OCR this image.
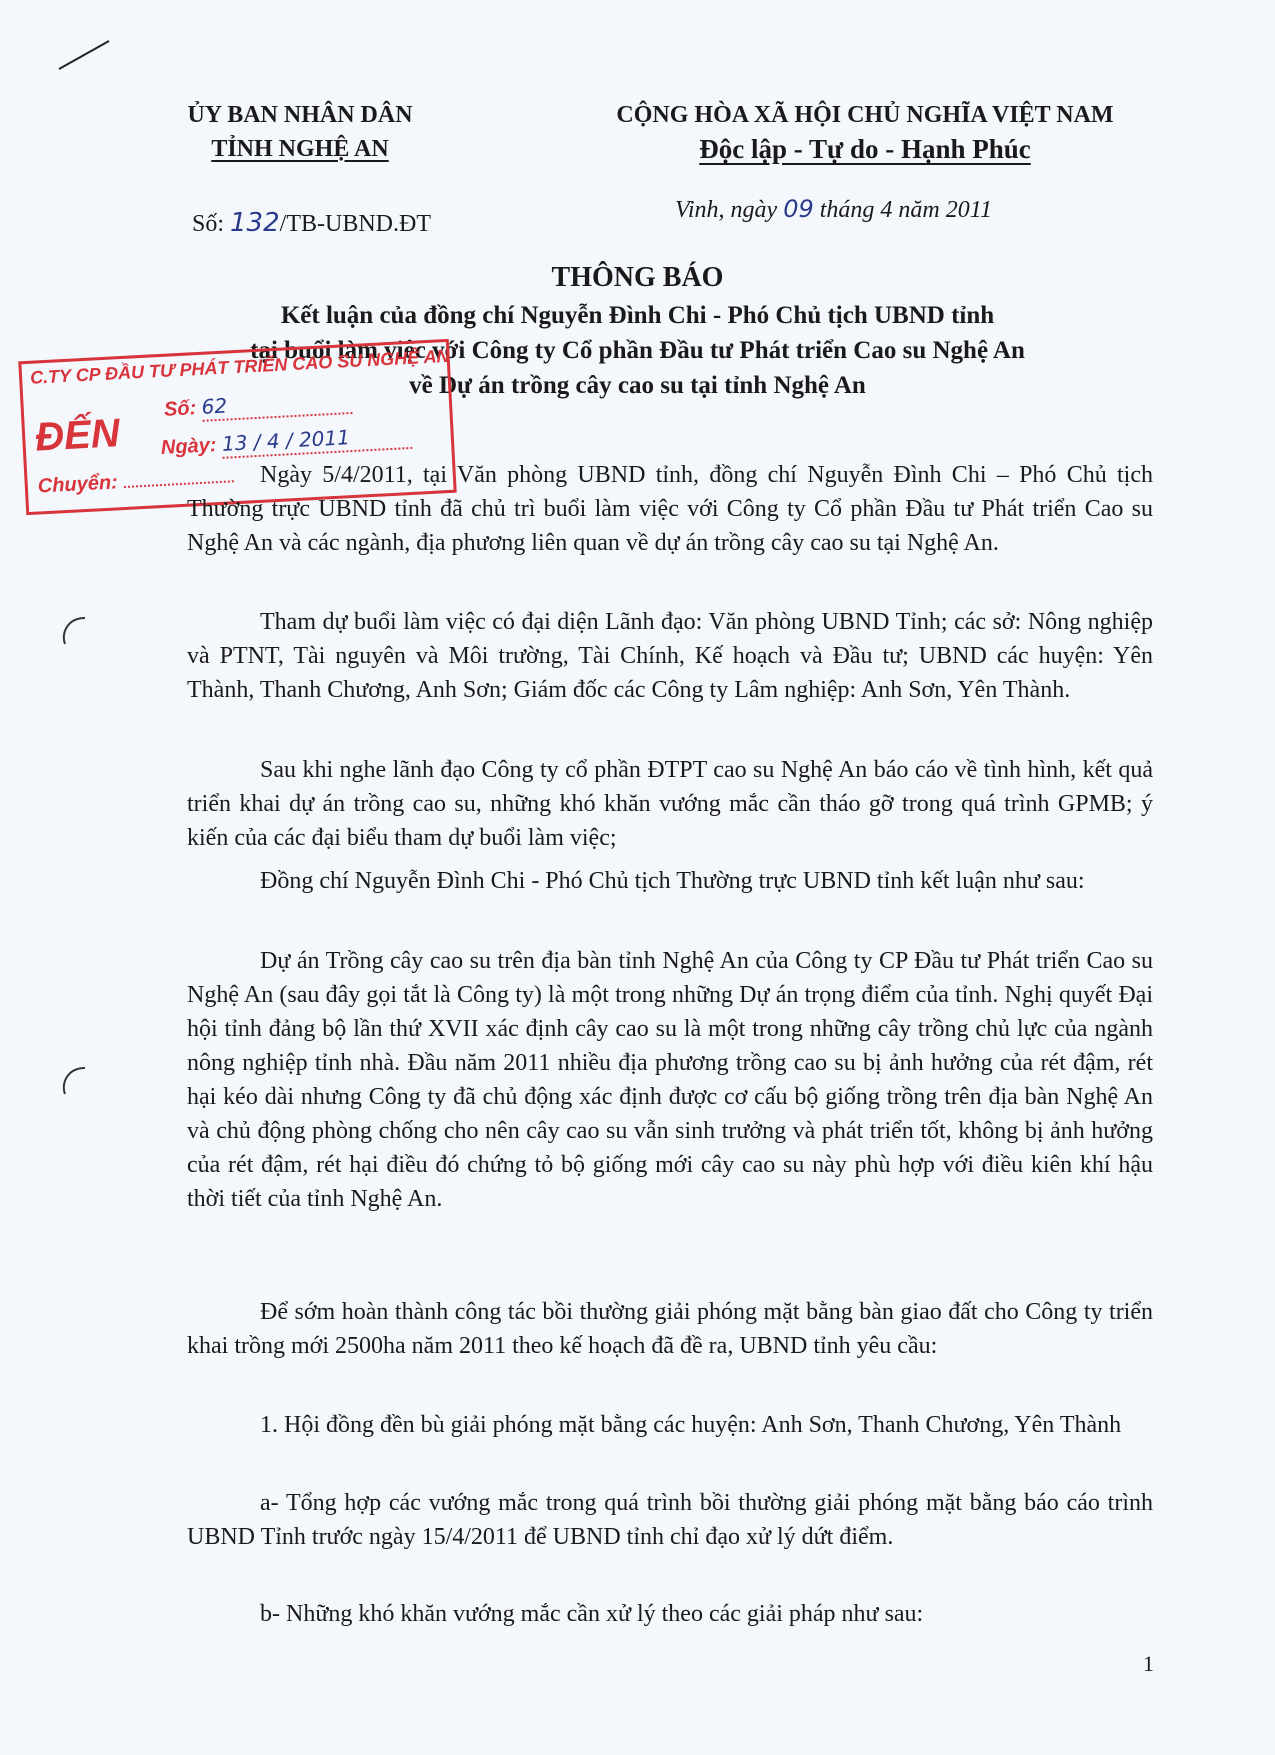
ỦY BAN NHÂN DÂN
TỈNH NGHỆ AN
CỘNG HÒA XÃ HỘI CHỦ NGHĨA VIỆT NAM
Độc lập - Tự do - Hạnh Phúc
Số: 132/TB-UBND.ĐT
Vinh, ngày 09 tháng 4 năm 2011
THÔNG BÁO
Kết luận của đồng chí Nguyễn Đình Chi - Phó Chủ tịch UBND tỉnh
tại buổi làm việc với Công ty Cổ phần Đầu tư Phát triển Cao su Nghệ An
về Dự án trồng cây cao su tại tỉnh Nghệ An
C.TY CP ĐẦU TƯ PHÁT TRIỂN CAO SU NGHỆ AN
ĐẾN
Số: 62
Ngày: 13 / 4 / 2011
Chuyển:	Ngày 5/4/2011, tại Văn phòng UBND tỉnh, đồng chí Nguyễn Đình Chi – Phó Chủ tịch Thường trực UBND tỉnh đã chủ trì buổi làm việc với Công ty Cổ phần Đầu tư Phát triển Cao su Nghệ An và các ngành, địa phương liên quan về dự án trồng cây cao su tại Nghệ An.

Tham dự buổi làm việc có đại diện Lãnh đạo: Văn phòng UBND Tỉnh; các sở: Nông nghiệp và PTNT, Tài nguyên và Môi trường, Tài Chính, Kế hoạch và Đầu tư; UBND các huyện: Yên Thành, Thanh Chương, Anh Sơn; Giám đốc các Công ty Lâm nghiệp: Anh Sơn, Yên Thành.

Sau khi nghe lãnh đạo Công ty cổ phần ĐTPT cao su Nghệ An báo cáo về tình hình, kết quả triển khai dự án trồng cao su, những khó khăn vướng mắc cần tháo gỡ trong quá trình GPMB; ý kiến của các đại biểu tham dự buổi làm việc;

Đồng chí Nguyễn Đình Chi - Phó Chủ tịch Thường trực UBND tỉnh kết luận như sau:

Dự án Trồng cây cao su trên địa bàn tỉnh Nghệ An của Công ty CP Đầu tư Phát triển Cao su Nghệ An (sau đây gọi tắt là Công ty) là một trong những Dự án trọng điểm của tỉnh. Nghị quyết Đại hội tỉnh đảng bộ lần thứ XVII xác định cây cao su là một trong những cây trồng chủ lực của ngành nông nghiệp tỉnh nhà. Đầu năm 2011 nhiều địa phương trồng cao su bị ảnh hưởng của rét đậm, rét hại kéo dài nhưng Công ty đã chủ động xác định được cơ cấu bộ giống trồng trên địa bàn Nghệ An và chủ động phòng chống cho nên cây cao su vẫn sinh trưởng và phát triển tốt, không bị ảnh hưởng của rét đậm, rét hại điều đó chứng tỏ bộ giống mới cây cao su này phù hợp với điều kiên khí hậu thời tiết của tỉnh Nghệ An.

Để sớm hoàn thành công tác bồi thường giải phóng mặt bằng bàn giao đất cho Công ty triển khai trồng mới 2500ha năm 2011 theo kế hoạch đã đề ra, UBND tỉnh yêu cầu:

1. Hội đồng đền bù giải phóng mặt bằng các huyện: Anh Sơn, Thanh Chương, Yên Thành

a- Tổng hợp các vướng mắc trong quá trình bồi thường giải phóng mặt bằng báo cáo trình UBND Tỉnh trước ngày 15/4/2011 để UBND tỉnh chỉ đạo xử lý dứt điểm.

b- Những khó khăn vướng mắc cần xử lý theo các giải pháp như sau:

1
